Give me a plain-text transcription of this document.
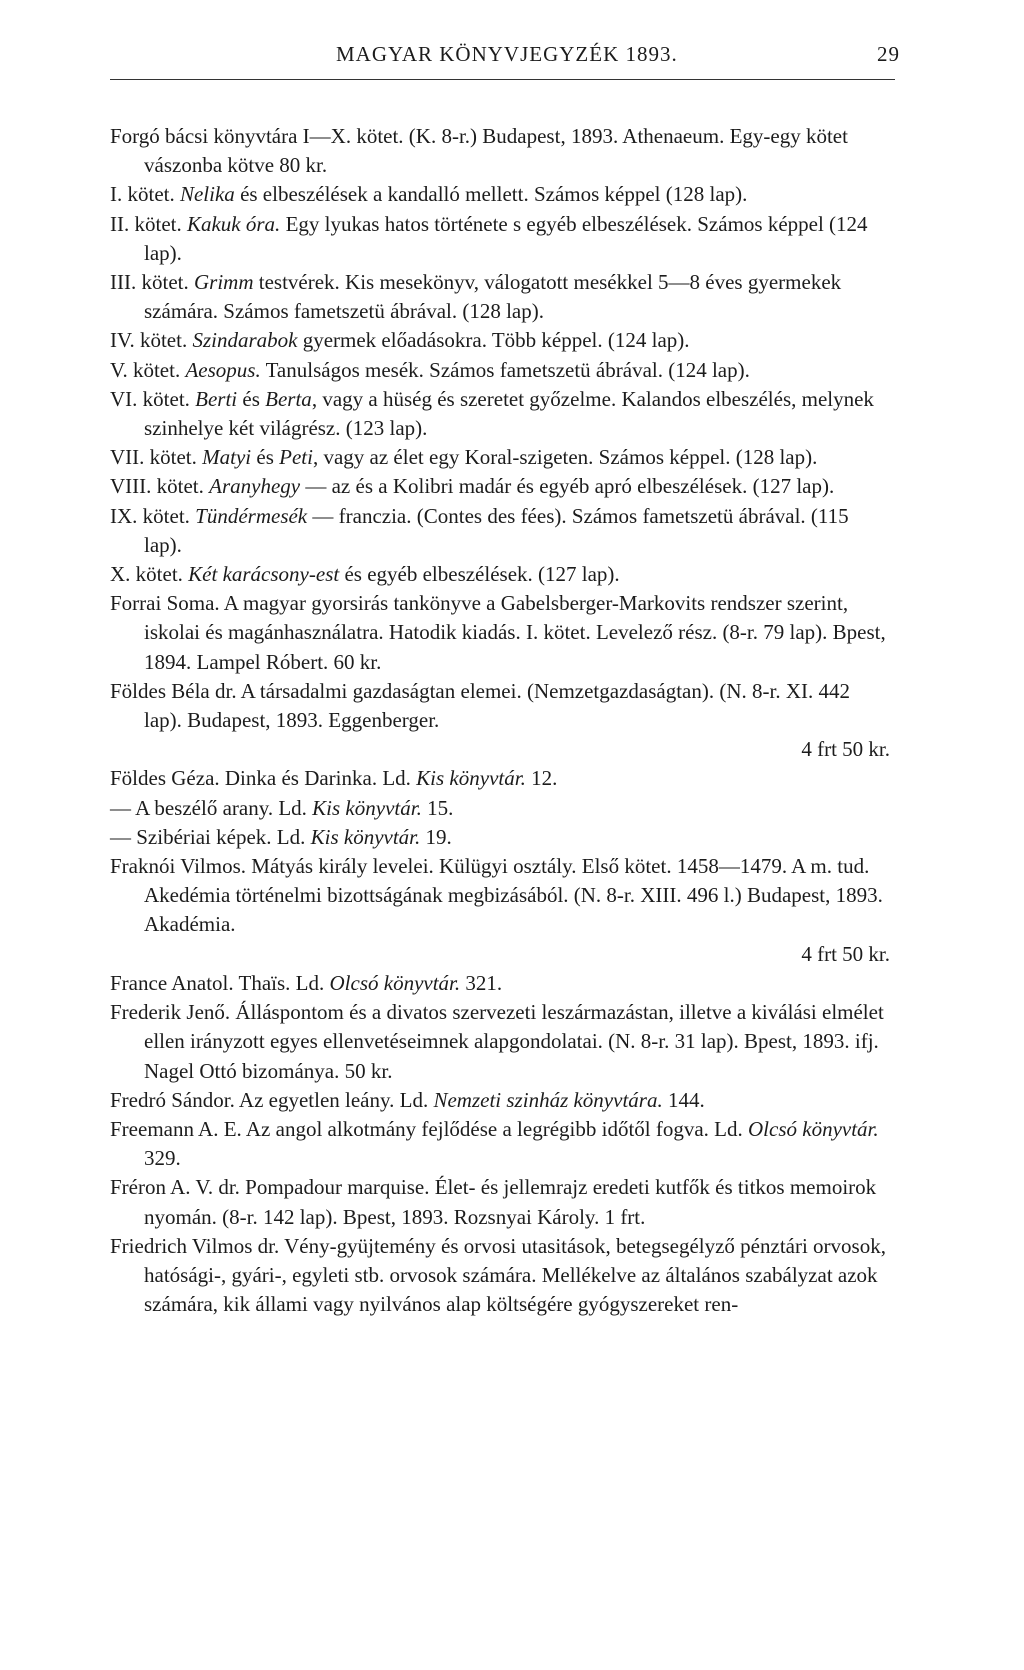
MAGYAR KÖNYVJEGYZÉK 1893.	29

Forgó bácsi könyvtára I—X. kötet. (K. 8-r.) Budapest, 1893. Athenaeum. Egy-egy kötet vászonba kötve 80 kr.

I. kötet. Nelika és elbeszélések a kandalló mellett. Számos képpel (128 lap).

II. kötet. Kakuk óra. Egy lyukas hatos története s egyéb elbeszélések. Számos képpel (124 lap).

III. kötet. Grimm testvérek. Kis mesekönyv, válogatott mesékkel 5—8 éves gyermekek számára. Számos fametszetü ábrával. (128 lap).

IV. kötet. Szindarabok gyermek előadásokra. Több képpel. (124 lap).

V. kötet. Aesopus. Tanulságos mesék. Számos fametszetü ábrával. (124 lap).

VI. kötet. Berti és Berta, vagy a hüség és szeretet győzelme. Kalandos elbeszélés, melynek szinhelye két világrész. (123 lap).

VII. kötet. Matyi és Peti, vagy az élet egy Koral-szigeten. Számos képpel. (128 lap).

VIII. kötet. Aranyhegy — az és a Kolibri madár és egyéb apró elbeszélések. (127 lap).

IX. kötet. Tündérmesék — franczia. (Contes des fées). Számos fametszetü ábrával. (115 lap).

X. kötet. Két karácsony-est és egyéb elbeszélések. (127 lap).

Forrai Soma. A magyar gyorsirás tankönyve a Gabelsberger-Markovits rendszer szerint, iskolai és magánhasználatra. Hatodik kiadás. I. kötet. Levelező rész. (8-r. 79 lap). Bpest, 1894. Lampel Róbert. 60 kr.

Földes Béla dr. A társadalmi gazdaságtan elemei. (Nemzetgazdaságtan). (N. 8-r. XI. 442 lap). Budapest, 1893. Eggenberger.

4 frt 50 kr.

Földes Géza. Dinka és Darinka. Ld. Kis könyvtár. 12.

— A beszélő arany. Ld. Kis könyvtár. 15.

— Szibériai képek. Ld. Kis könyvtár. 19.

Fraknói Vilmos. Mátyás király levelei. Külügyi osztály. Első kötet. 1458—1479. A m. tud. Akedémia történelmi bizottságának megbizásából. (N. 8-r. XIII. 496 l.) Budapest, 1893. Akadémia.

4 frt 50 kr.

France Anatol. Thaïs. Ld. Olcsó könyvtár. 321.

Frederik Jenő. Álláspontom és a divatos szervezeti leszármazástan, illetve a kiválási elmélet ellen irányzott egyes ellenvetéseimnek alapgondolatai. (N. 8-r. 31 lap). Bpest, 1893. ifj. Nagel Ottó bizománya. 50 kr.

Fredró Sándor. Az egyetlen leány. Ld. Nemzeti szinház könyvtára. 144.

Freemann A. E. Az angol alkotmány fejlődése a legrégibb időtől fogva. Ld. Olcsó könyvtár. 329.

Fréron A. V. dr. Pompadour marquise. Élet- és jellemrajz eredeti kutfők és titkos memoirok nyomán. (8-r. 142 lap). Bpest, 1893. Rozsnyai Károly. 1 frt.

Friedrich Vilmos dr. Vény-gyüjtemény és orvosi utasitások, betegsegélyző pénztári orvosok, hatósági-, gyári-, egyleti stb. orvosok számára. Mellékelve az általános szabályzat azok számára, kik állami vagy nyilvános alap költségére gyógyszereket ren-
